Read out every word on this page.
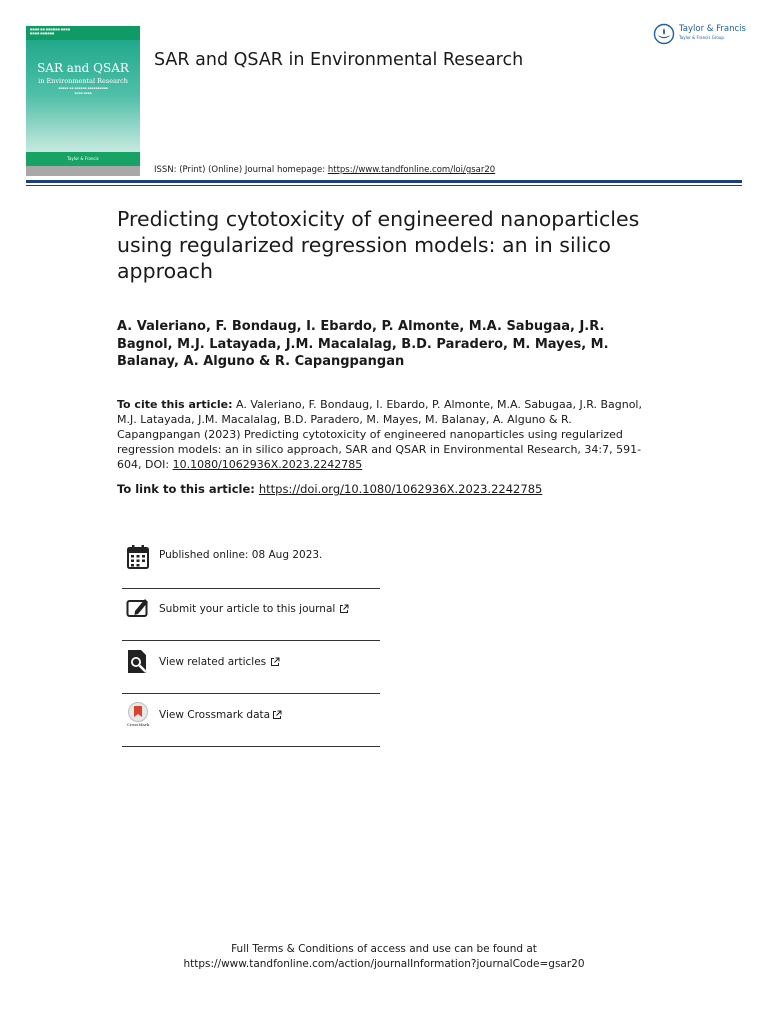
■■■■ ■■ ■■■■■■ ■■■■
■■■■ ■■■■■■
SAR and QSAR
in Environmental Research
▪▪▪▪▪ ▪▪ ▪▪▪▪▪▪ ▪▪▪▪▪▪▪▪▪▪
▪▪▪▪ ▪▪▪▪
Taylor & Francis
SAR and QSAR in Environmental Research
ISSN: (Print) (Online) Journal homepage: https://www.tandfonline.com/loi/gsar20
Taylor & Francis
Taylor & Francis Group
Predicting cytotoxicity of engineered nanoparticles using regularized regression models: an in silico approach
A. Valeriano, F. Bondaug, I. Ebardo, P. Almonte, M.A. Sabugaa, J.R. Bagnol, M.J. Latayada, J.M. Macalalag, B.D. Paradero, M. Mayes, M. Balanay, A. Alguno & R. Capangpangan
To cite this article: A. Valeriano, F. Bondaug, I. Ebardo, P. Almonte, M.A. Sabugaa, J.R. Bagnol, M.J. Latayada, J.M. Macalalag, B.D. Paradero, M. Mayes, M. Balanay, A. Alguno & R. Capangpangan (2023) Predicting cytotoxicity of engineered nanoparticles using regularized regression models: an in silico approach, SAR and QSAR in Environmental Research, 34:7, 591-604, DOI: 10.1080/1062936X.2023.2242785
To link to this article: https://doi.org/10.1080/1062936X.2023.2242785
Published online: 08 Aug 2023.
Submit your article to this journal
View related articles
CrossMark
View Crossmark data
Full Terms & Conditions of access and use can be found at
https://www.tandfonline.com/action/journalInformation?journalCode=gsar20
